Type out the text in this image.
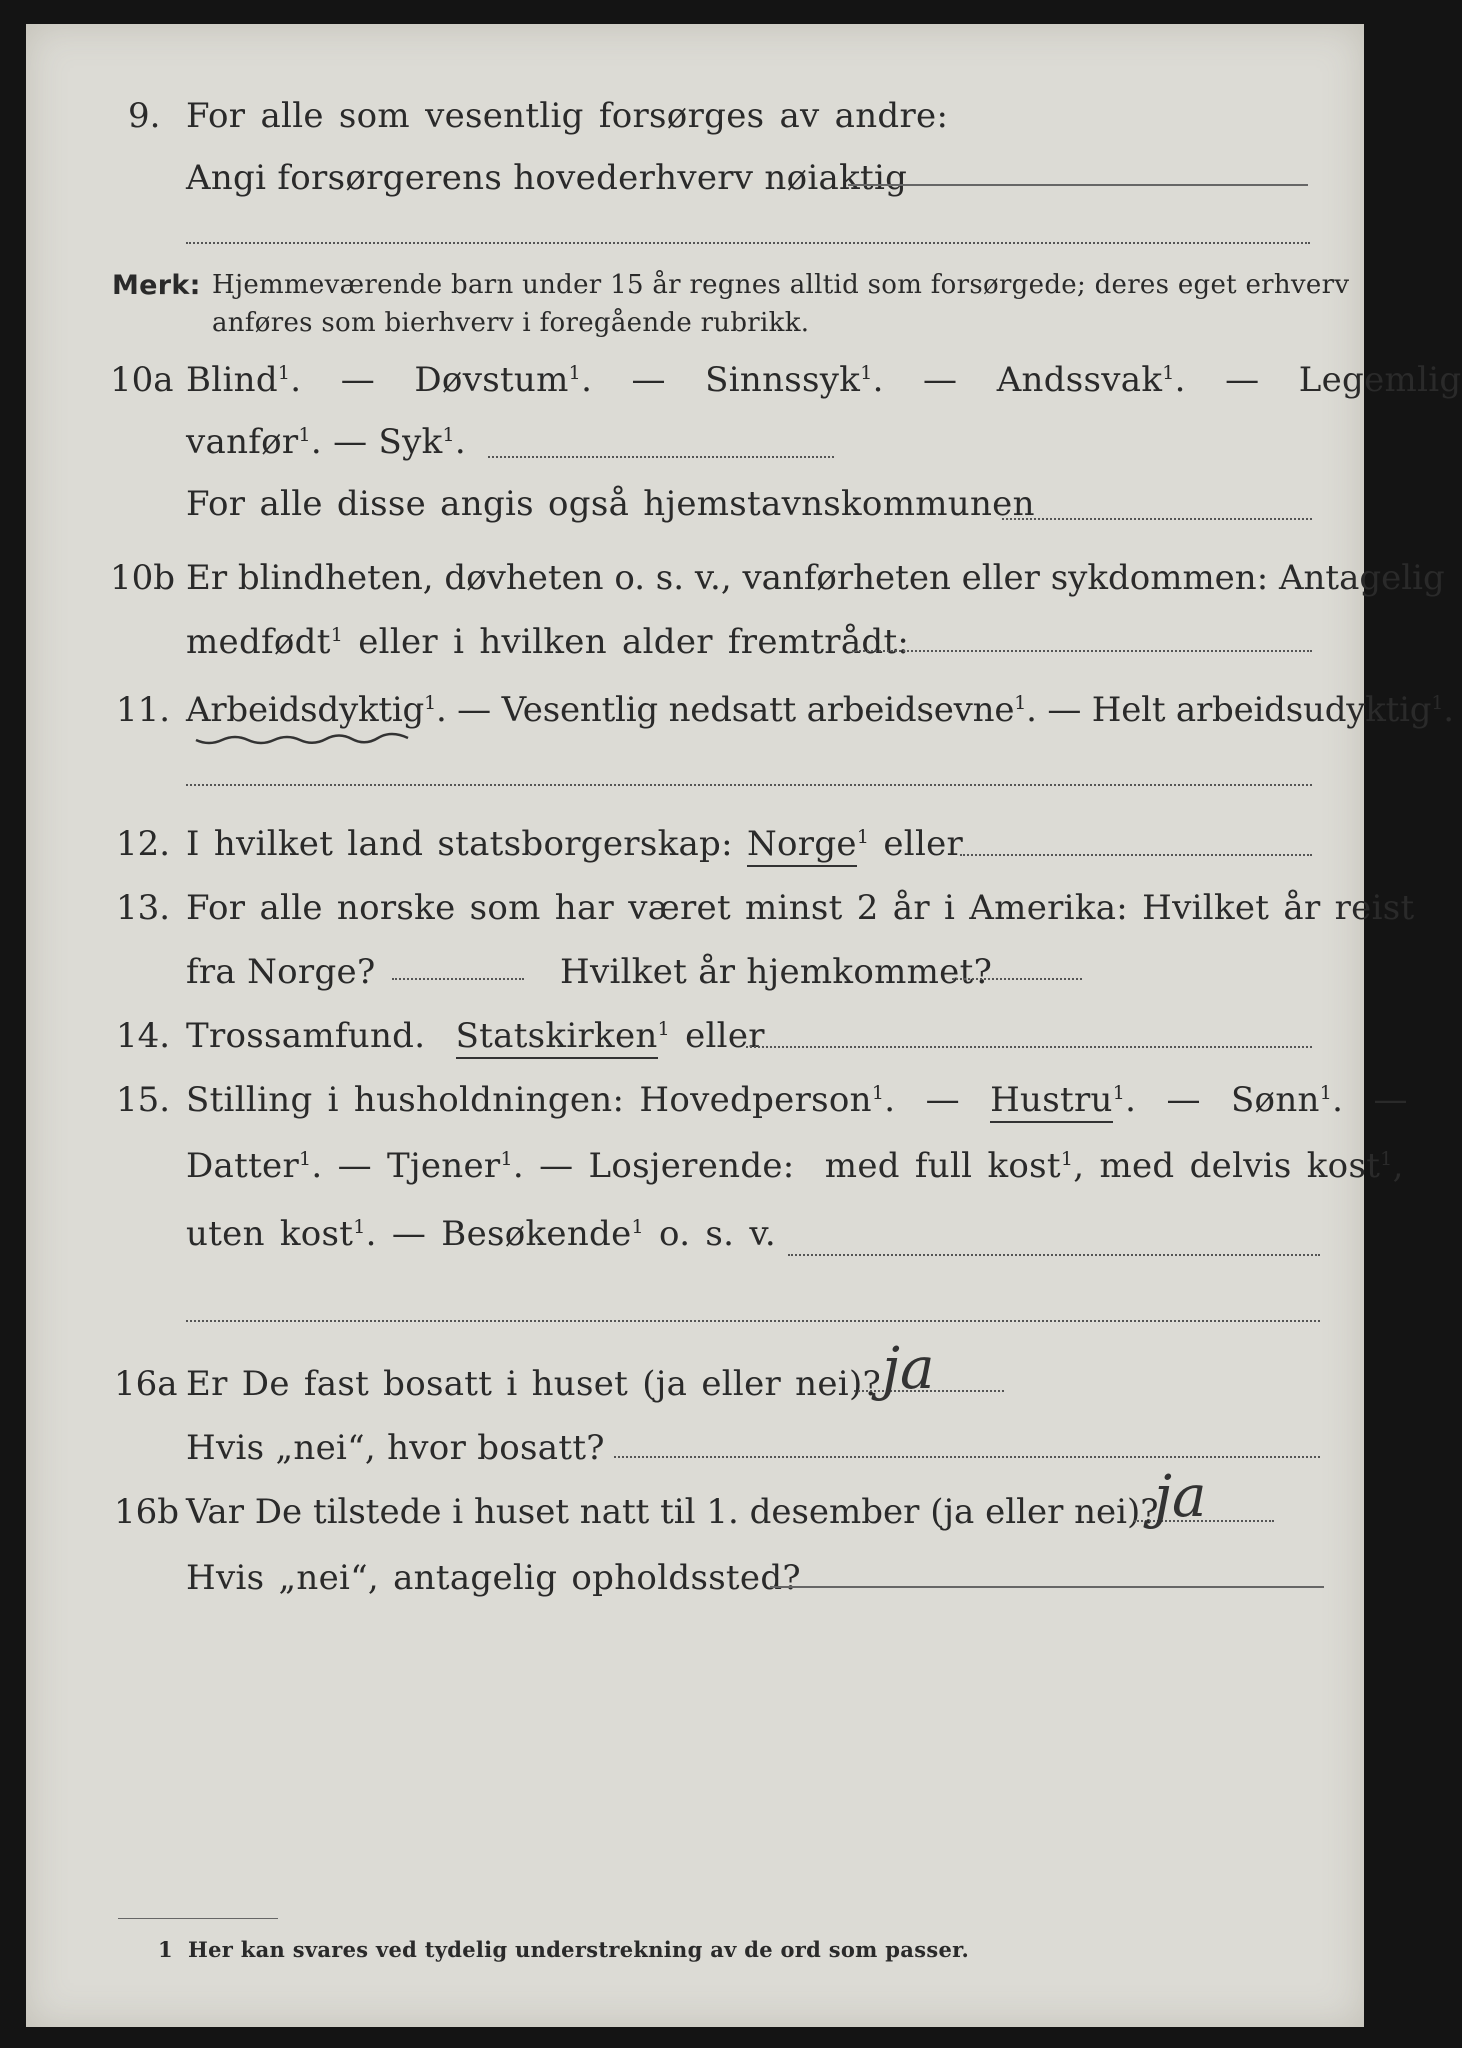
9. For alle som vesentlig forsørges av andre:
Angi forsørgerens hovederhverv nøiaktig
Merk: Hjemmeværende barn under 15 år regnes alltid som forsørgede; deres eget erhverv
anføres som bierhverv i foregående rubrikk.
10a Blind$^1$. — Døvstum$^1$. — Sinnssyk$^1$. — Andssvak$^1$. — Legemlig
vanfør$^1$. — Syk$^1$.
For alle disse angis også hjemstavnskommunen
10b Er blindheten, døvheten o. s. v., vanførheten eller sykdommen: Antagelig
medfødt$^1$ eller i hvilken alder fremtrådt:
11. Arbeidsdyktig$^1$. — Vesentlig nedsatt arbeidsevne$^1$. — Helt arbeidsudyktig$^1$.
12. I hvilket land statsborgerskap: Norge$^1$ eller
13. For alle norske som har været minst 2 år i Amerika: Hvilket år reist
fra Norge?	Hvilket år hjemkommet?
14. Trossamfund. Statskirken$^1$ eller
15. Stilling i husholdningen: Hovedperson$^1$. — Hustru$^1$. — Sønn$^1$. —
Datter$^1$. — Tjener$^1$. — Losjerende: med full kost$^1$, med delvis kost$^1$,
uten kost$^1$. — Besøkende$^1$ o. s. v.
16a Er De fast bosatt i huset (ja eller nei)? ja
Hvis „nei“, hvor bosatt?
16b Var De tilstede i huset natt til 1. desember (ja eller nei)?
ja
Hvis „nei“, antagelig opholdssted?
1 Her kan svares ved tydelig understrekning av de ord som passer.
